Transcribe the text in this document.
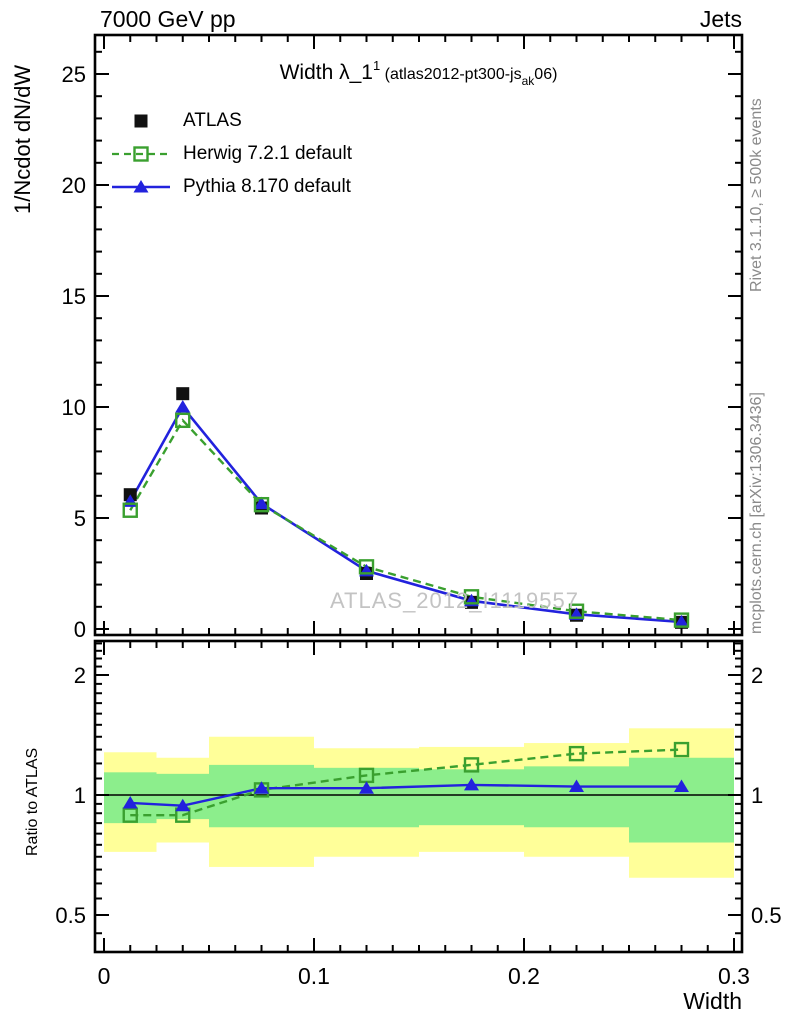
0
5
10
15
20
25
0	0.1	0.2	0.3
0.5	0.5
1	1
2	2
7000 GeV pp	Jets
1/Ncdot dN/dW	Width $\lambda\_1^1$ $(atlas2012-pt300-js_{ak}06)$
ATLAS
Herwig 7.2.1 default
Pythia 8.170 default
ATLAS_2012_I1119557
Rivet 3.1.10, ≥ 500k events
mcplots.cern.ch [arXiv:1306.3436]
Ratio to ATLAS
Width
